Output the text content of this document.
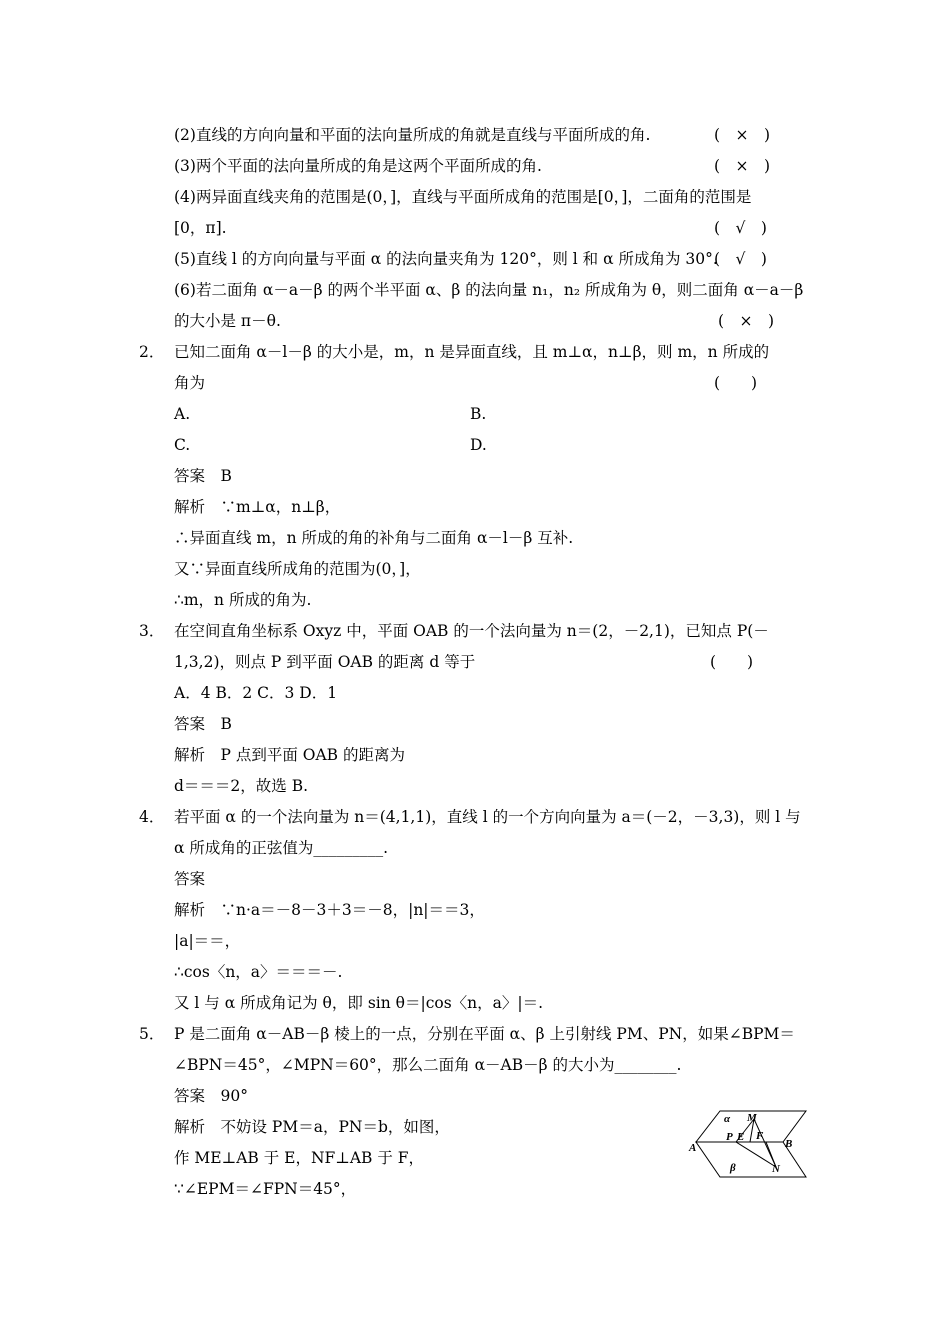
(2)直线的方向向量和平面的法向量所成的角就是直线与平面所成的角.
(3)两个平面的法向量所成的角是这两个平面所成的角.
(4)两异面直线夹角的范围是(0，]，直线与平面所成角的范围是[0，]，二面角的范围是
[0，π].
(5)直线 l 的方向向量与平面 α 的法向量夹角为 120°，则 l 和 α 所成角为 30°.
(6)若二面角 α－a－β 的两个半平面 α、β 的法向量 n₁，n₂ 所成角为 θ，则二面角 α－a－β
的大小是 π－θ.
已知二面角 α－l－β 的大小是，m，n 是异面直线，且 m⊥α，n⊥β，则 m，n 所成的
角为
A.	B.
C.	D.
答案　B
解析　∵m⊥α，n⊥β，
∴异面直线 m，n 所成的角的补角与二面角 α－l－β 互补.
又∵异面直线所成角的范围为(0，]，
∴m，n 所成的角为.
在空间直角坐标系 Oxyz 中，平面 OAB 的一个法向量为 n＝(2，－2,1)，已知点 P(－
1,3,2)，则点 P 到平面 OAB 的距离 d 等于
A．4 B．2 C．3 D．1
答案　B
解析　P 点到平面 OAB 的距离为
d＝＝＝2，故选 B.
若平面 α 的一个法向量为 n＝(4,1,1)，直线 l 的一个方向向量为 a＝(－2，－3,3)，则 l 与
α 所成角的正弦值为_________.
答案
解析　∵n·a＝－8－3＋3＝－8，|n|＝＝3，
|a|＝＝，
∴cos〈n，a〉＝＝＝－.
又 l 与 α 所成角记为 θ，即 sin θ＝|cos〈n，a〉|＝.
P 是二面角 α－AB－β 棱上的一点，分别在平面 α、β 上引射线 PM、PN，如果∠BPM＝
∠BPN＝45°，∠MPN＝60°，那么二面角 α－AB－β 的大小为________.
答案　90°
解析　不妨设 PM＝a，PN＝b，如图，
作 ME⊥AB 于 E，NF⊥AB 于 F，
∵∠EPM＝∠FPN＝45°，
2．
3．
4．
5．
(　×　)
(　×　)
(　√　)
(　√　)
(　×　)
(　　)
(　　)
α M
P E F
A	B
β	N
